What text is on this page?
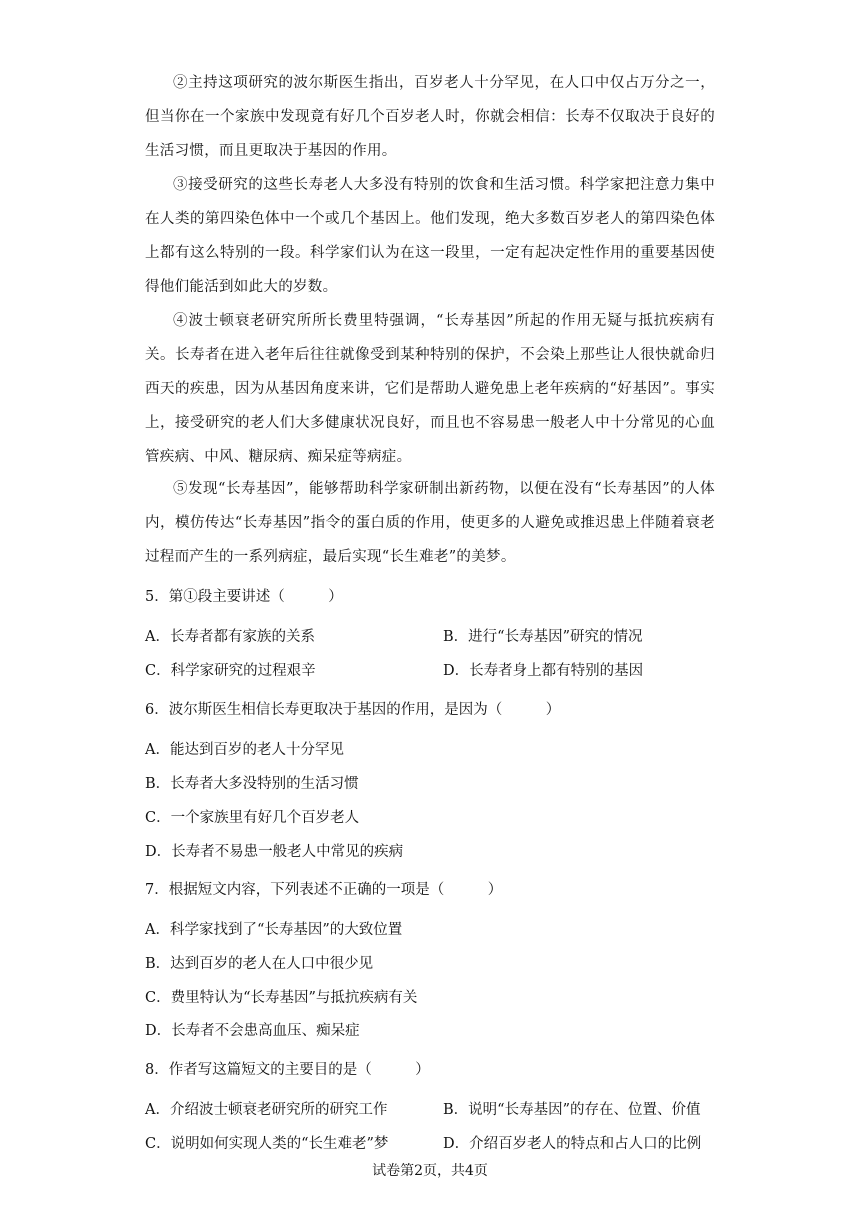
②主持这项研究的波尔斯医生指出，百岁老人十分罕见，在人口中仅占万分之一，但当你在一个家族中发现竟有好几个百岁老人时，你就会相信：长寿不仅取决于良好的生活习惯，而且更取决于基因的作用。
③接受研究的这些长寿老人大多没有特别的饮食和生活习惯。科学家把注意力集中在人类的第四染色体中一个或几个基因上。他们发现，绝大多数百岁老人的第四染色体上都有这么特别的一段。科学家们认为在这一段里，一定有起决定性作用的重要基因使得他们能活到如此大的岁数。
④波士顿衰老研究所所长费里特强调，“长寿基因”所起的作用无疑与抵抗疾病有关。长寿者在进入老年后往往就像受到某种特别的保护，不会染上那些让人很快就命归西天的疾患，因为从基因角度来讲，它们是帮助人避免患上老年疾病的“好基因”。事实上，接受研究的老人们大多健康状况良好，而且也不容易患一般老人中十分常见的心血管疾病、中风、糖尿病、痴呆症等病症。
⑤发现“长寿基因”，能够帮助科学家研制出新药物，以便在没有“长寿基因”的人体内，模仿传达“长寿基因”指令的蛋白质的作用，使更多的人避免或推迟患上伴随着衰老过程而产生的一系列病症，最后实现“长生难老”的美梦。
5．第①段主要讲述（　　　）
A．长寿者都有家族的关系	B．进行“长寿基因”研究的情况
C．科学家研究的过程艰辛	D．长寿者身上都有特别的基因
6．波尔斯医生相信长寿更取决于基因的作用，是因为（　　　）
A．能达到百岁的老人十分罕见
B．长寿者大多没特别的生活习惯
C．一个家族里有好几个百岁老人
D．长寿者不易患一般老人中常见的疾病
7．根据短文内容，下列表述不正确的一项是（　　　）
A．科学家找到了“长寿基因”的大致位置
B．达到百岁的老人在人口中很少见
C．费里特认为“长寿基因”与抵抗疾病有关
D．长寿者不会患高血压、痴呆症
8．作者写这篇短文的主要目的是（　　　）
A．介绍波士顿衰老研究所的研究工作	B．说明“长寿基因”的存在、位置、价值
C．说明如何实现人类的“长生难老”梦	D．介绍百岁老人的特点和占人口的比例
试卷第2页，共4页
